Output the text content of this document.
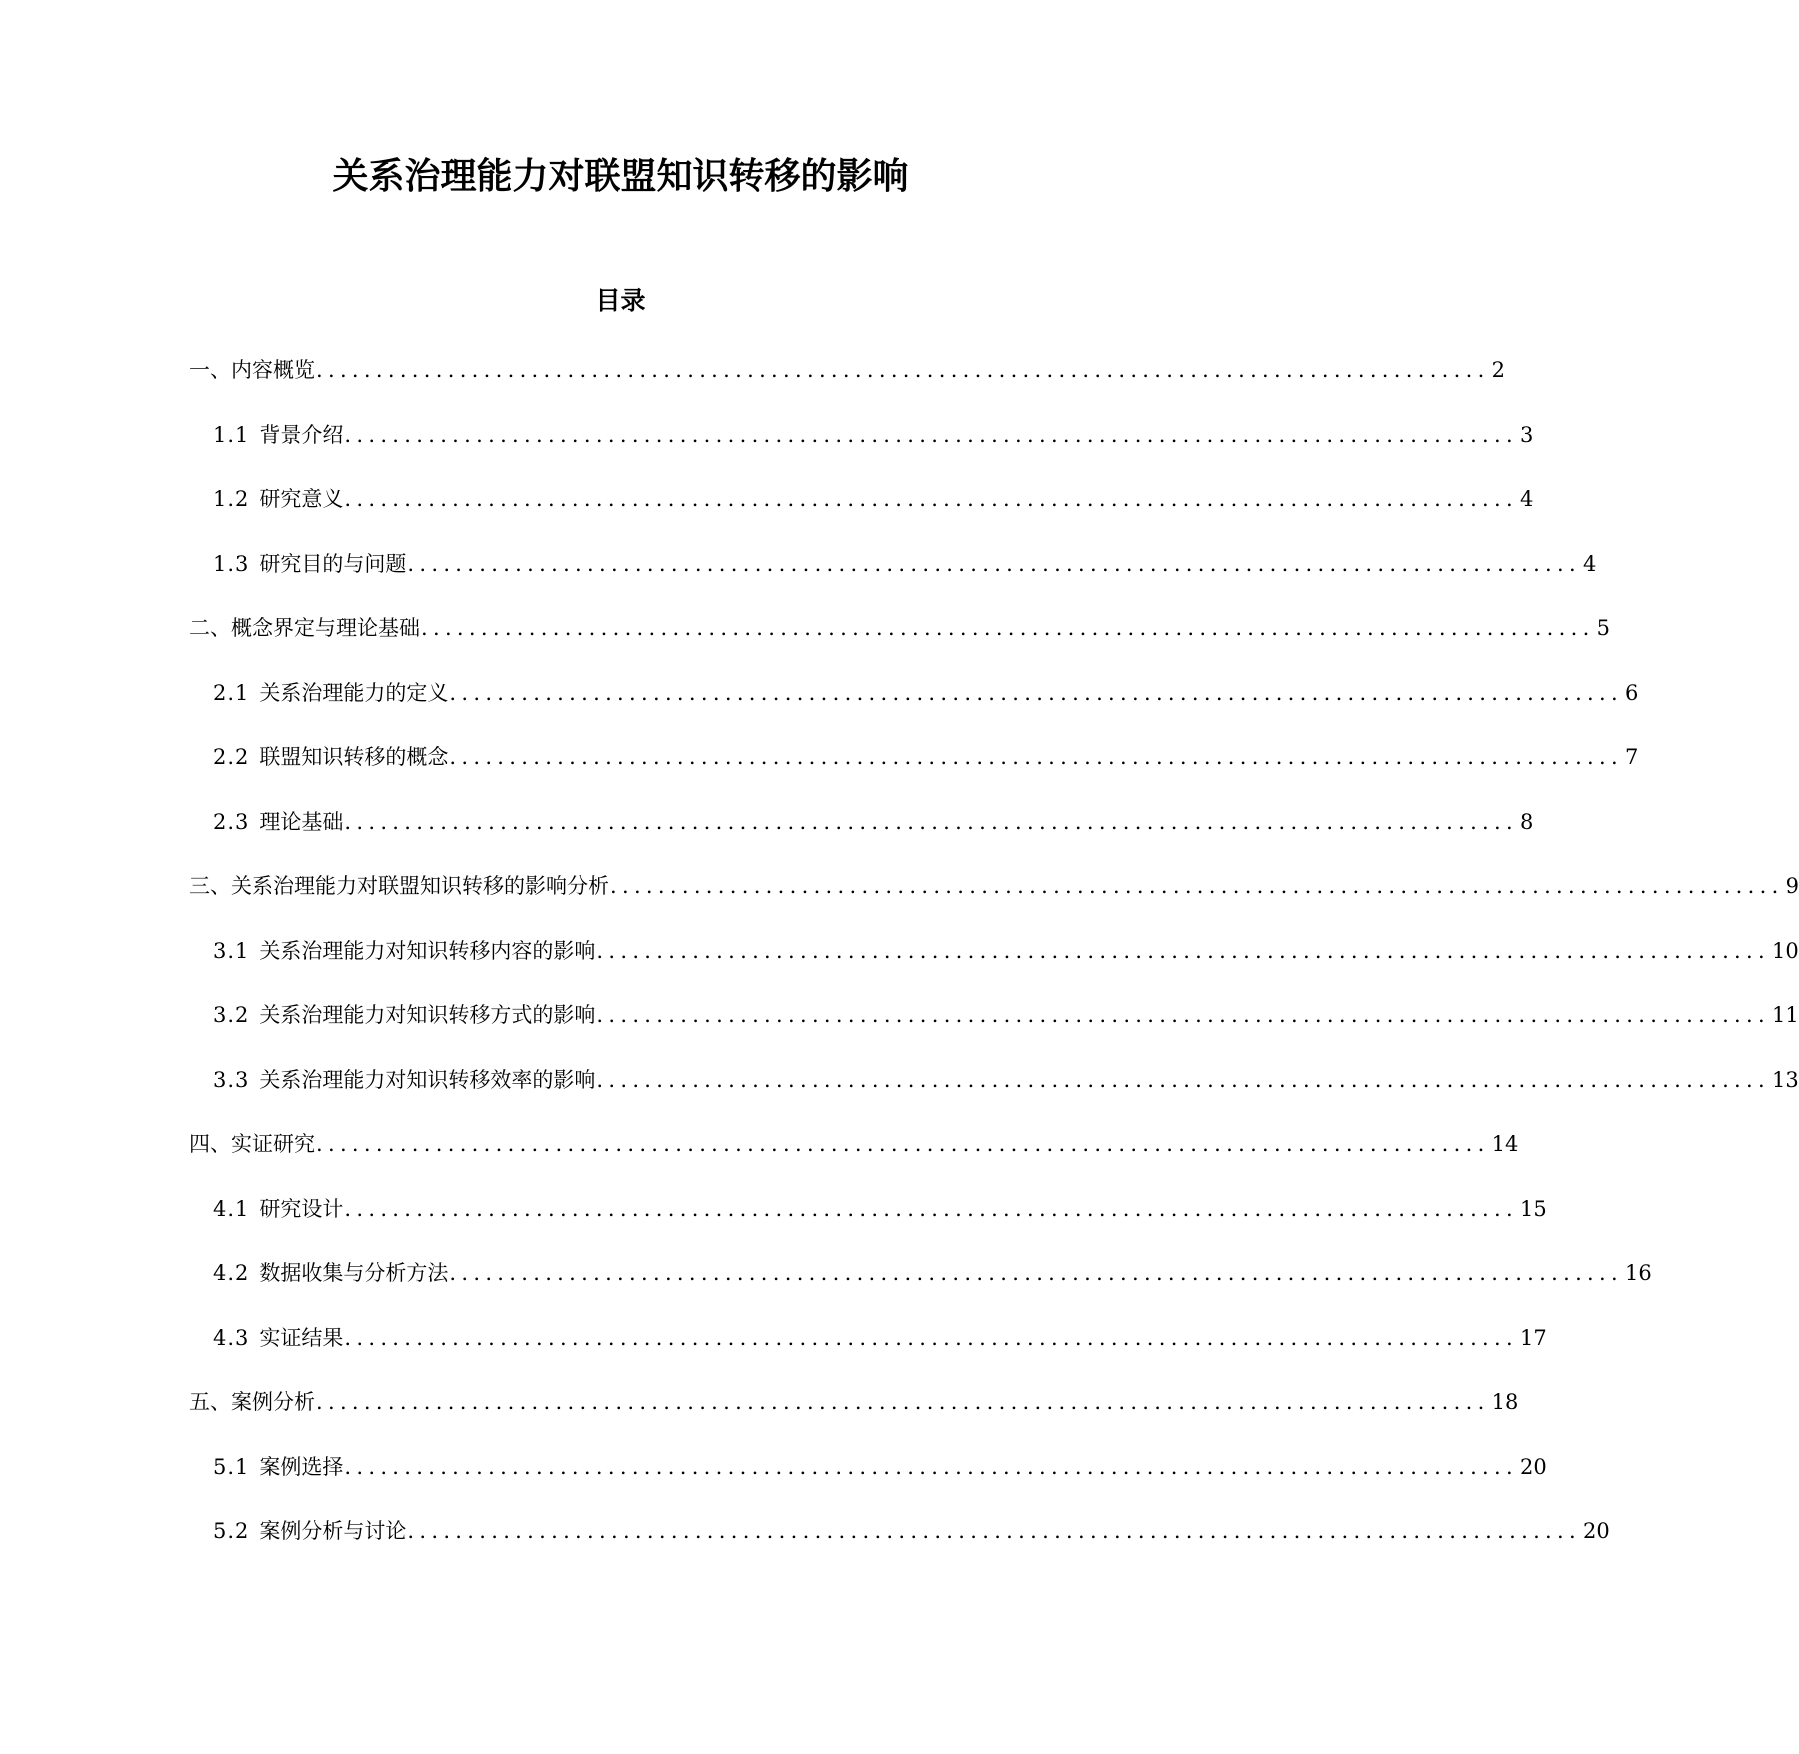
关系治理能力对联盟知识转移的影响
目录
一、内容概览 .................................................................................................. 2
1.1 背景介绍 .................................................................................................. 3
1.2 研究意义 .................................................................................................. 4
1.3 研究目的与问题 .................................................................................................. 4
二、概念界定与理论基础 .................................................................................................. 5
2.1 关系治理能力的定义 .................................................................................................. 6
2.2 联盟知识转移的概念 .................................................................................................. 7
2.3 理论基础 .................................................................................................. 8
三、关系治理能力对联盟知识转移的影响分析 .................................................................................................. 9
3.1 关系治理能力对知识转移内容的影响 .................................................................................................. 10
3.2 关系治理能力对知识转移方式的影响 .................................................................................................. 11
3.3 关系治理能力对知识转移效率的影响 .................................................................................................. 13
四、实证研究 .................................................................................................. 14
4.1 研究设计 .................................................................................................. 15
4.2 数据收集与分析方法 .................................................................................................. 16
4.3 实证结果 .................................................................................................. 17
五、案例分析 .................................................................................................. 18
5.1 案例选择 .................................................................................................. 20
5.2 案例分析与讨论 .................................................................................................. 20
